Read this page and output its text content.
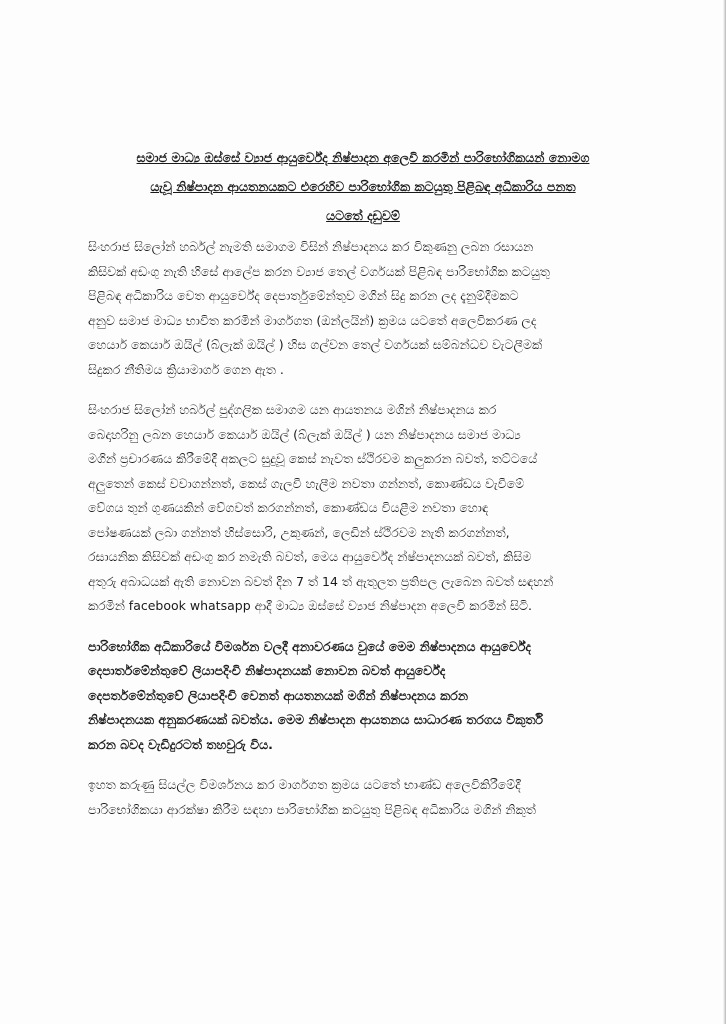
සමාජ මාධ්‍ය ඔස්සේ ව්‍යාජ ආයුර්වේද නිෂ්පාදන අලෙවි කරමින් පාරිභෝගිකයන් නොමග
යැවූ නිෂ්පාදන ආයතනයකට එරෙහිව පාරිභෝගික කටයුතු පිළිබඳ අධිකාරිය පනත
යටතේ දඩුවම්
සිංහරාජ සිලෝන් හර්බල් නැමති සමාගම විසින් නිෂ්පාදනය කර විකුණනු ලබන රසායන
කිසිවක් අඩංගු නැති හිසේ ආලේප කරන ව්‍යාජ තෙල් වර්ගයක් පිළිබඳ පාරිභෝගික කටයුතු
පිළිබඳ අධිකාරිය වෙත ආයුර්වේද දෙපාර්තුමේන්තුව මගින් සිදු කරන ලද දැනුම්දීමකට
අනුව සමාජ මාධ්‍ය භාවිත කරමින් මාර්ගගත (ඔන්ලයින්) ක්‍රමය යටතේ අලෙවිකරණ ලද
හෙයාර් කෙයාර් ඔයිල් (බ්ලැක් ඔයිල් ) හිස ගල්වන තෙල් වර්ගයක් සම්බන්ධව වැටලීමක්
සිදුකර නීතිමය ක්‍රියාමාර්ග ගෙන ඇත .
සිංහරාජ සිලෝන් හර්බල් පුද්ගලික සමාගම යන ආයතනය මගින් නිෂ්පාදනය කර
බෙදාහරිනු ලබන හෙයාර් කෙයාර් ඔයිල් (බ්ලැක් ඔයිල් ) යන නිෂ්පාදනය සමාජ මාධ්‍ය
මගින් ප්‍රචාරණය කිරීමේදී අකලට සුදුවූ කෙස් නැවත ස්ථිරවම කලුකරන බවත්, තට්ටයේ
අලුතෙන් කෙස් වවාගන්නත්, කෙස් ගැලවී හැලීම නවතා ගන්නත්, කොණ්ඩය වැවීමේ
වේගය තුන් ගුණයකින් වේගවත් කරගන්නත්, කොණ්ඩය වියළීම නවතා හොඳ
පෝෂණයක් ලබා ගන්නත් හිස්සොරි, උකුණන්, ලෙඩින් ස්ථිරවම නැති කරගන්නත්,
රසායනික කිසිවක් අඩංගු කර නමැති බවත්, මෙය ආයුර්වේද න්ෂ්පාදනයක් බවත්, කිසිම
අතුරු අබාධයක් ඇති නොවන බවත් දින 7 ත් 14 ත් ඇතුලත ප්‍රතිපල ලැබෙන බවත් සඳහන්
කරමින් facebook whatsapp ආදී මාධ්‍ය ඔස්සේ ව්‍යාජ නිෂ්පාදන අලෙවි කරමින් සිටි.
පාරිභෝගික අධිකාරියේ විමර්ශන වලදී අනාවරණය වුයේ මෙම නිෂ්පාදනය ආයුර්වේද
දෙපාර්තමේන්තුවේ ලියාපදිංචි නිෂ්පාදනයක් නොවන බවත් ආයුර්වේද
දෙපර්තමේන්තුවේ ලියාපදිංචි වෙනත් ආයතනයක් මගින් නිෂ්පාදනය කරන
නිෂ්පාදනයක අනුකරණයක් බවත්ය. මෙම නිෂ්පාදන ආයතනය සාධාරණ තරගය විකුර්ති
කරන බවද වැඩිදුරටත් තහවුරු විය.
ඉහත කරුණු සියල්ල විමර්ශනය කර මාර්ගගත ක්‍රමය යටතේ භාණ්ඩ අලෙවිකිරීමේදී
පාරිභෝගිකයා ආරක්ෂා කිරීම සඳහා පාරිභෝගික කටයුතු පිළිබඳ අධිකාරිය මගින් නිකුත්
